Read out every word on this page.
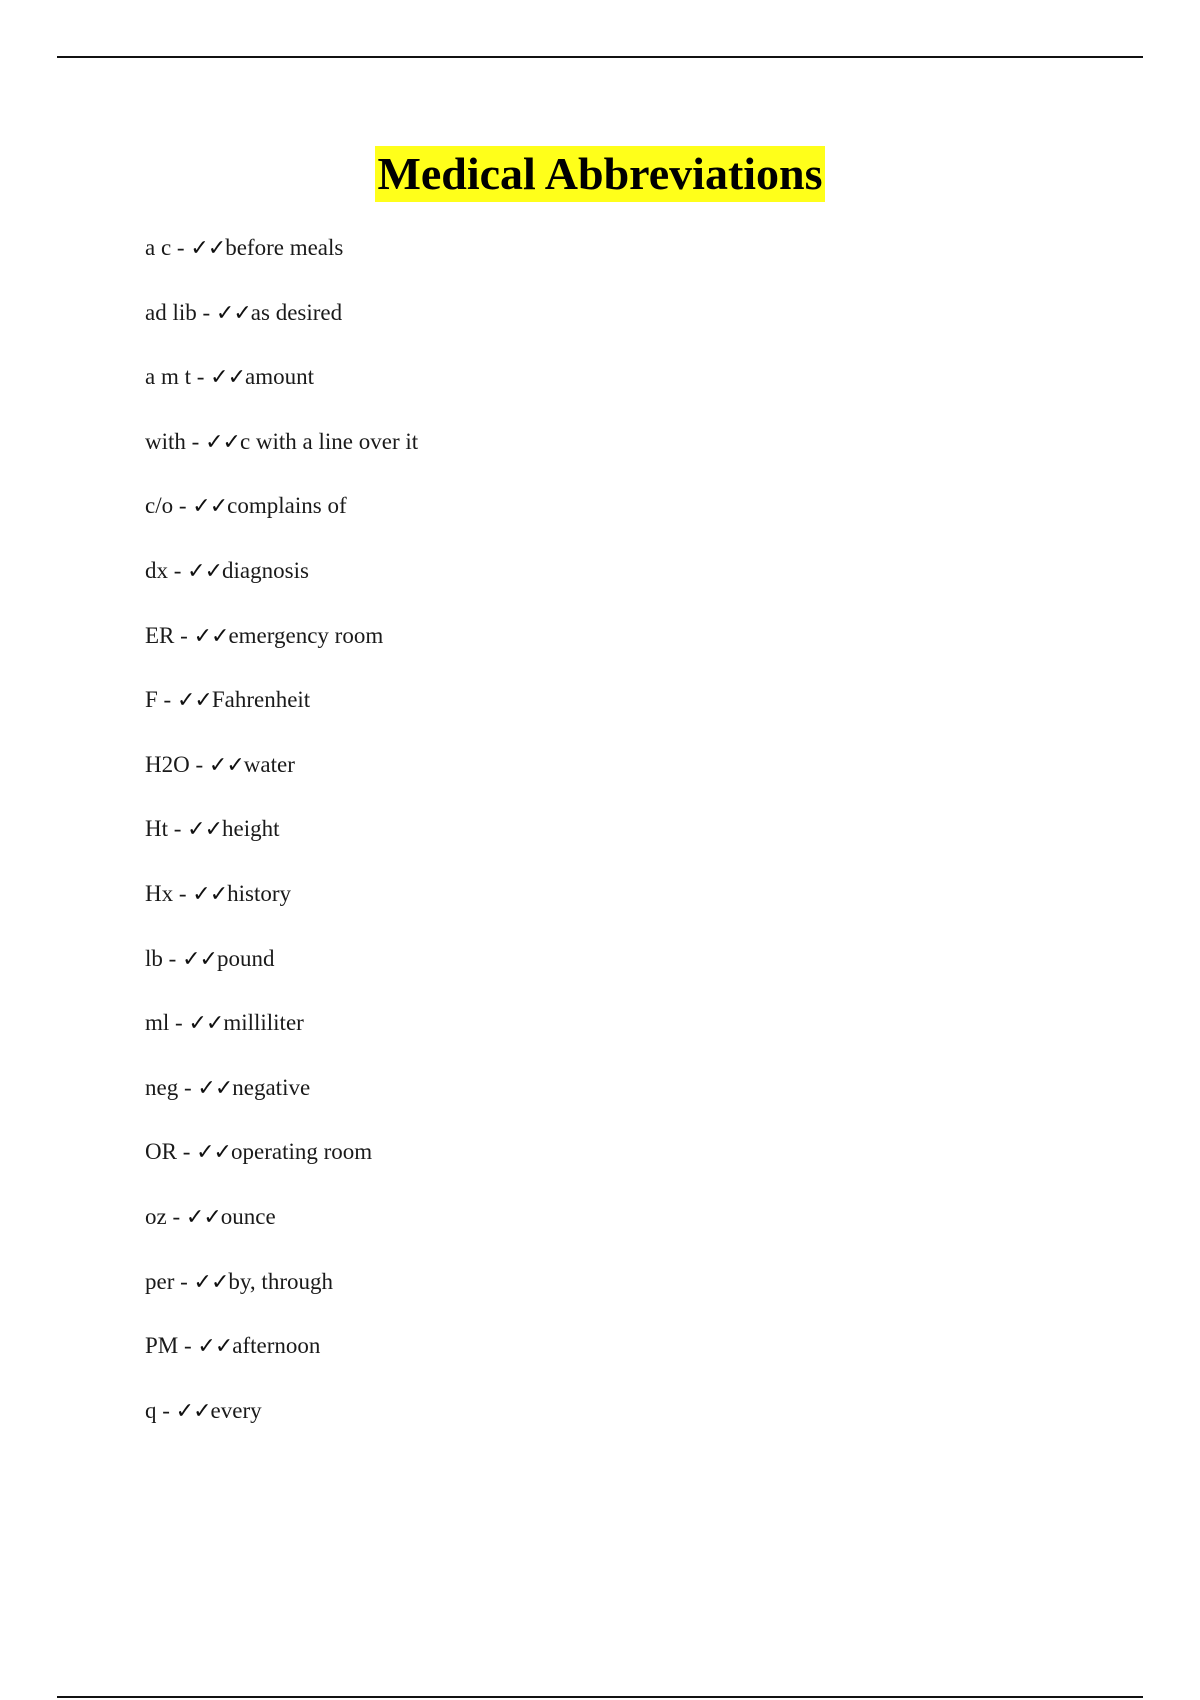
Medical Abbreviations
a c - ✓✓before meals
ad lib - ✓✓as desired
a m t - ✓✓amount
with - ✓✓c with a line over it
c/o - ✓✓complains of
dx - ✓✓diagnosis
ER - ✓✓emergency room
F - ✓✓Fahrenheit
H2O - ✓✓water
Ht - ✓✓height
Hx - ✓✓history
lb - ✓✓pound
ml - ✓✓milliliter
neg - ✓✓negative
OR - ✓✓operating room
oz - ✓✓ounce
per - ✓✓by, through
PM - ✓✓afternoon
q - ✓✓every
